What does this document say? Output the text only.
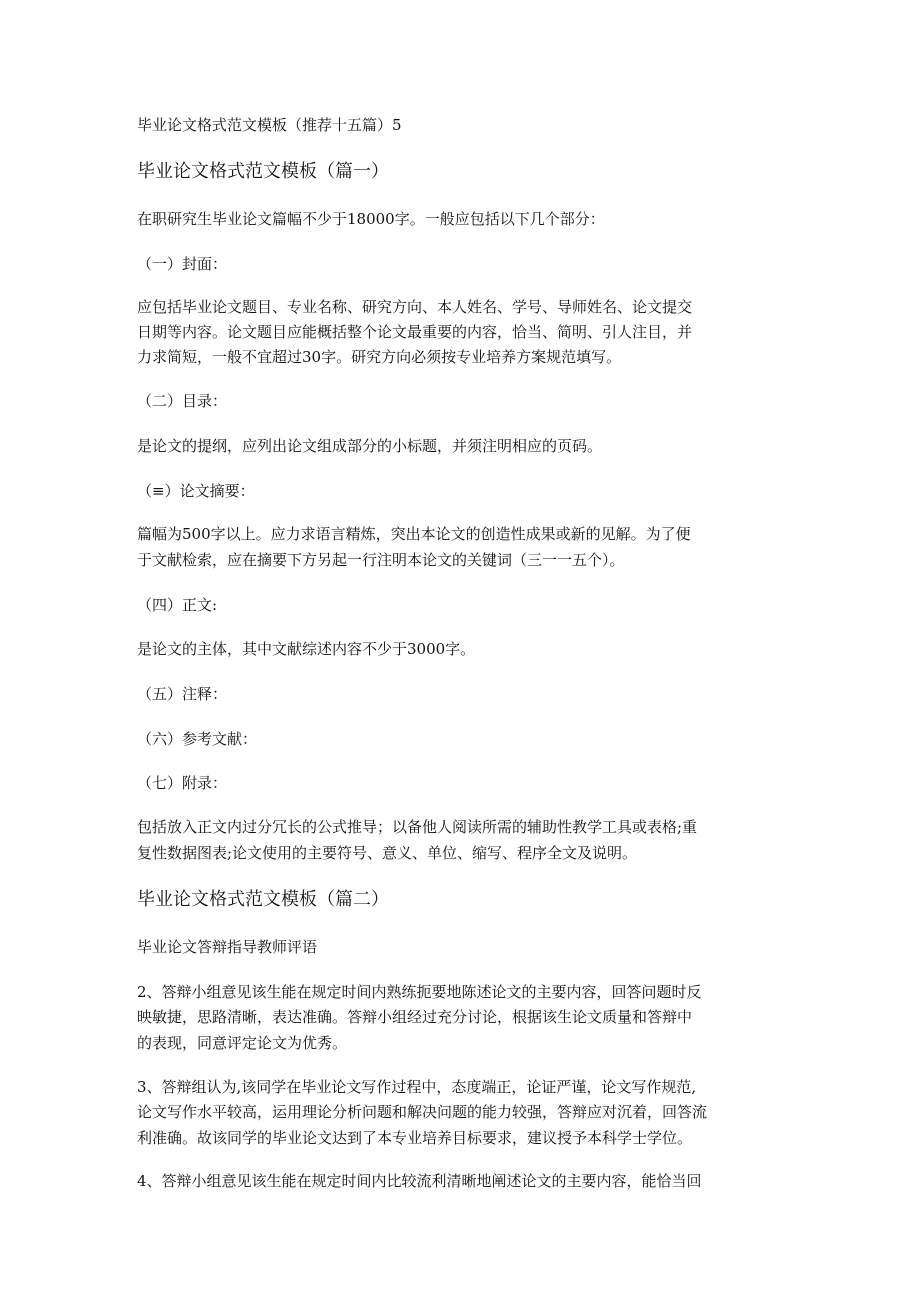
毕业论文格式范文模板（推荐十五篇）5
毕业论文格式范文模板（篇一）
在职研究生毕业论文篇幅不少于18000字。一般应包括以下几个部分：
（一）封面：
应包括毕业论文题目、专业名称、研究方向、本人姓名、学号、导师姓名、论文提交
日期等内容。论文题目应能概括整个论文最重要的内容，恰当、简明、引人注目，并
力求简短，一般不宜超过30字。研究方向必须按专业培养方案规范填写。
（二）目录：
是论文的提纲，应列出论文组成部分的小标题，并须注明相应的页码。
（≡）论文摘要：
篇幅为500字以上。应力求语言精炼，突出本论文的创造性成果或新的见解。为了便
于文献检索，应在摘要下方另起一行注明本论文的关键词（三一一五个）。
（四）正文:
是论文的主体，其中文献综述内容不少于3000字。
（五）注释：
（六）参考文献：
（七）附录：
包括放入正文内过分冗长的公式推导；以备他人阅读所需的辅助性教学工具或表格;重
复性数据图表;论文使用的主要符号、意义、单位、缩写、程序全文及说明。
毕业论文格式范文模板（篇二）
毕业论文答辩指导教师评语
2、答辩小组意见该生能在规定时间内熟练扼要地陈述论文的主要内容，回答问题时反
映敏捷，思路清晰，表达准确。答辩小组经过充分讨论，根据该生论文质量和答辩中
的表现，同意评定论文为优秀。
3、答辩组认为,该同学在毕业论文写作过程中，态度端正，论证严谨，论文写作规范,
论文写作水平较高，运用理论分析问题和解决问题的能力较强，答辩应对沉着，回答流
利准确。故该同学的毕业论文达到了本专业培养目标要求，建议授予本科学士学位。
4、答辩小组意见该生能在规定时间内比较流利清晰地阐述论文的主要内容，能恰当回
